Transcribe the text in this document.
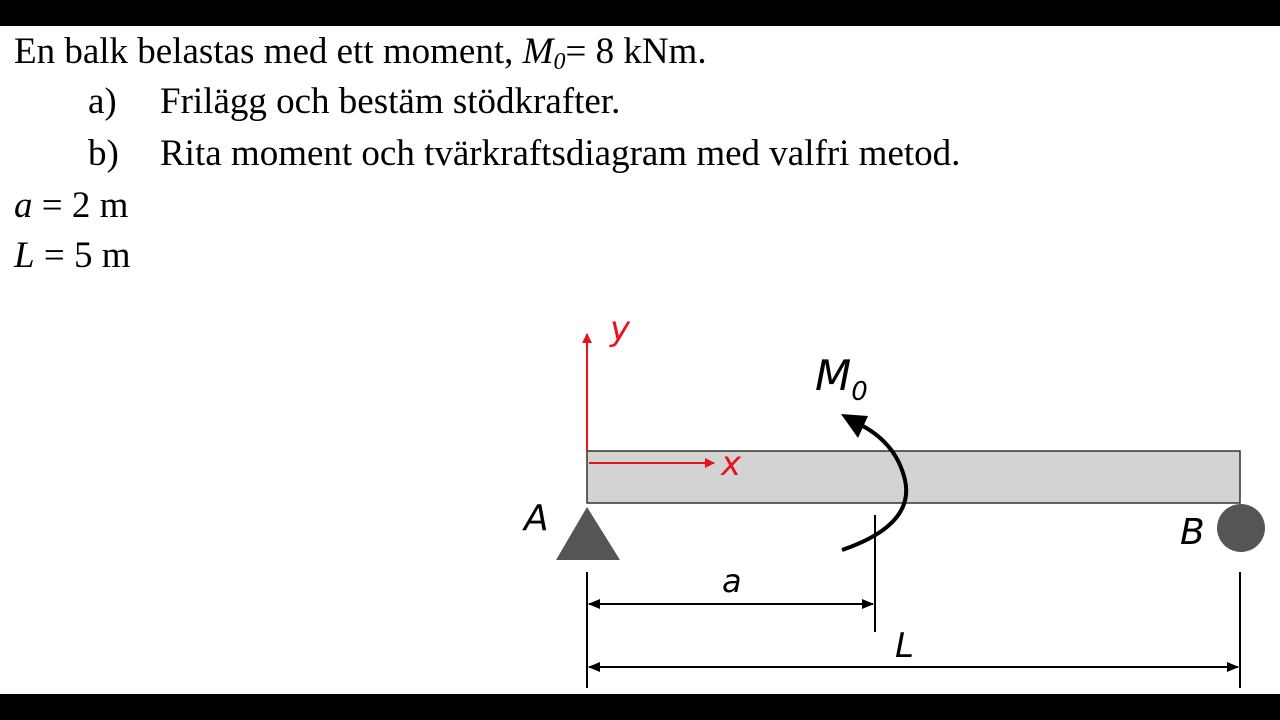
En balk belastas med ett moment, $M_0= 8$ kNm.

a) Frilägg och bestäm stödkrafter.

b) Rita moment och tvärkraftsdiagram med valfri metod.

a = 2 m

L = 5 m

y
x
$M_0$
A	B
a
L
